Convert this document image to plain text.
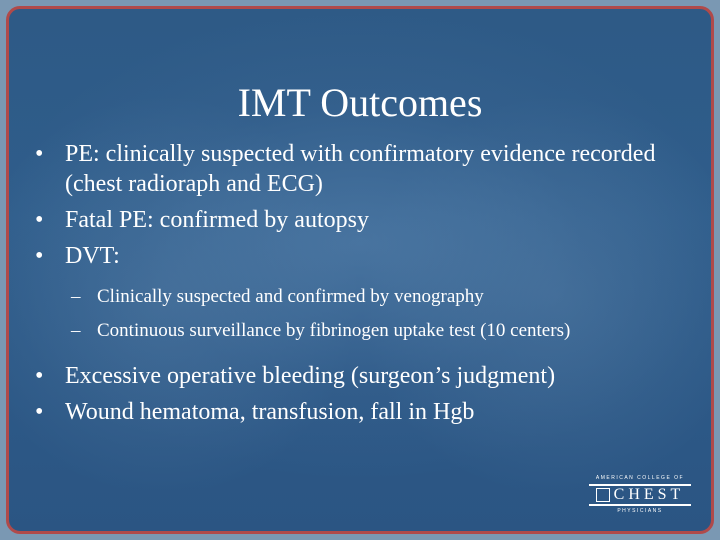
IMT Outcomes
• PE: clinically suspected with confirmatory evidence recorded (chest radioraph and ECG)
• Fatal PE: confirmed by autopsy
• DVT:
– Clinically suspected and confirmed by venography
– Continuous surveillance by fibrinogen uptake test (10 centers)
• Excessive operative bleeding (surgeon’s judgment)
• Wound hematoma, transfusion, fall in Hgb
AMERICAN COLLEGE OF
CHEST
PHYSICIANS
